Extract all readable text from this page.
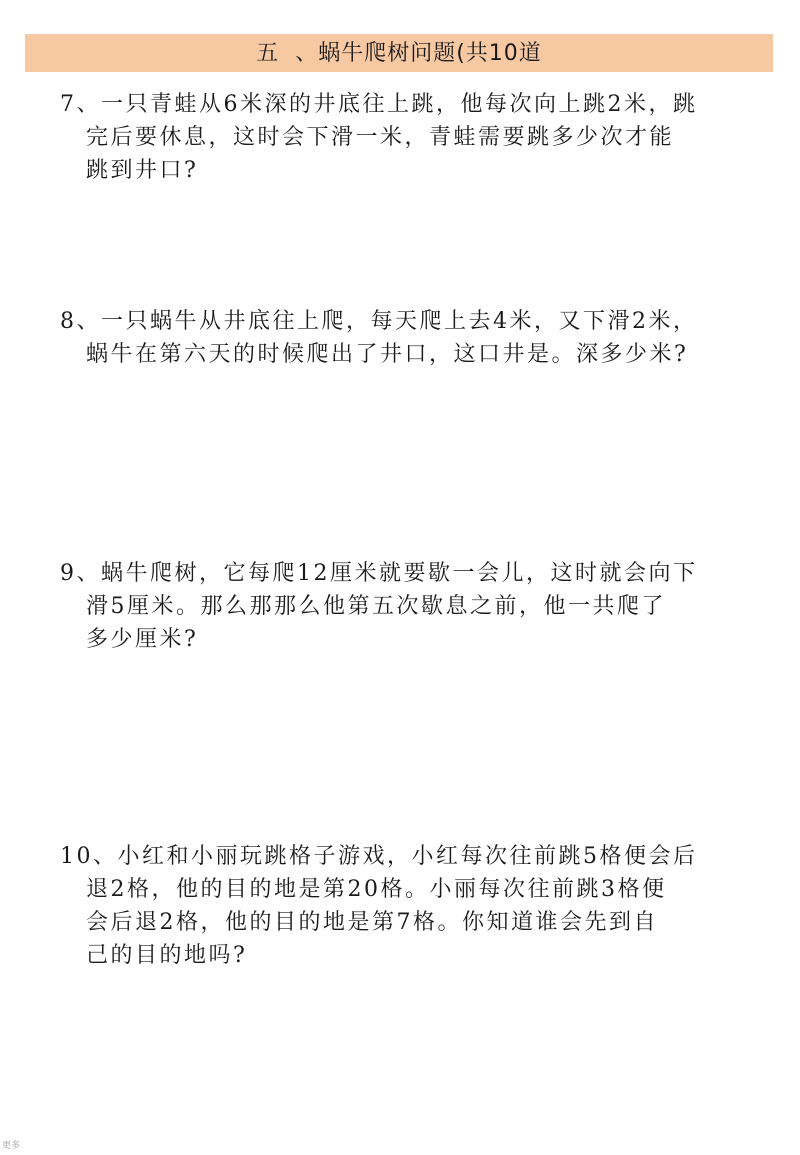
五  、蜗牛爬树问题(共10道
7、一只青蛙从6米深的井底往上跳，他每次向上跳2米，跳
完后要休息，这时会下滑一米，青蛙需要跳多少次才能
跳到井口?
8、一只蜗牛从井底往上爬，每天爬上去4米，又下滑2米，
蜗牛在第六天的时候爬出了井口，这口井是。深多少米?
9、蜗牛爬树，它每爬12厘米就要歇一会儿，这时就会向下
滑5厘米。那么那那么他第五次歇息之前，他一共爬了
多少厘米?
10、小红和小丽玩跳格子游戏，小红每次往前跳5格便会后
退2格，他的目的地是第20格。小丽每次往前跳3格便
会后退2格，他的目的地是第7格。你知道谁会先到自
己的目的地吗?
更多
